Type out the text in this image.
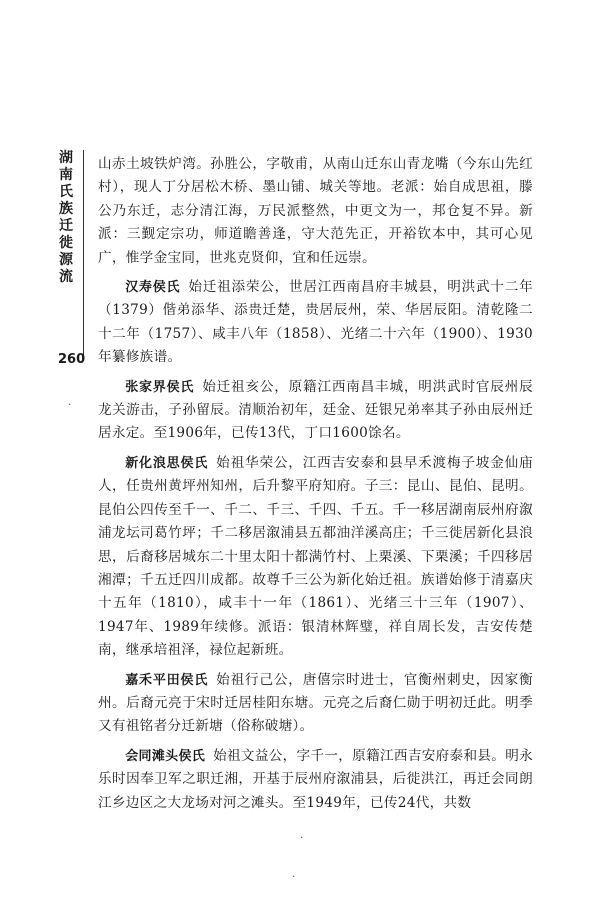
湖南氏族迁徙源流
260
·
.
·

山赤土坡铁炉湾。孙胜公，字敬甫，从南山迁东山青龙嘴（今东山先红村），现人丁分居松木桥、墨山铺、城关等地。老派：始自成思祖，滕公乃东迁，志分清江海，万民派整然，中更文为一，邦仓复不异。新派：三觐定宗功，师道瞻善逢，守大范先正，开裕钦本中，其可心见广，惟学金宝同，世兆克贤仰，宜和任远崇。

汉寿侯氏 始迁祖添荣公，世居江西南昌府丰城县，明洪武十二年（1379）偕弟添华、添贵迁楚，贵居辰州，荣、华居辰阳。清乾隆二十二年（1757）、咸丰八年（1858）、光绪二十六年（1900）、1930年纂修族谱。

张家界侯氏 始迁祖亥公，原籍江西南昌丰城，明洪武时官辰州辰龙关游击，子孙留辰。清顺治初年，廷金、廷银兄弟率其子孙由辰州迁居永定。至1906年，已传13代，丁口1600馀名。

新化浪思侯氏 始祖华荣公，江西吉安泰和县早禾渡梅子坡金仙庙人，任贵州黄坪州知州，后升黎平府知府。子三：昆山、昆伯、昆明。昆伯公四传至千一、千二、千三、千四、千五。千一移居湖南辰州府溆浦龙坛司葛竹坪；千二移居溆浦县五都油洋溪高庄；千三徙居新化县浪思，后裔移居城东二十里太阳十都满竹村、上栗溪、下栗溪；千四移居湘潭；千五迁四川成都。故尊千三公为新化始迁祖。族谱始修于清嘉庆十五年（1810），咸丰十一年（1861）、光绪三十三年（1907）、1947年、1989年续修。派语：银清林辉璧，祥自周长发，吉安传楚南，继承培祖泽，禄位起新班。

嘉禾平田侯氏 始祖行己公，唐僖宗时进士，官衡州刺史，因家衡州。后裔元亮于宋时迁居桂阳东塘。元亮之后裔仁勋于明初迁此。明季又有祖铭者分迁新塘（俗称破塘）。

会同滩头侯氏 始祖文益公，字千一，原籍江西吉安府泰和县。明永乐时因奉卫军之职迁湘，开基于辰州府溆浦县，后徙洪江，再迁会同朗江乡边区之大龙场对河之滩头。至1949年，已传24代，共数
